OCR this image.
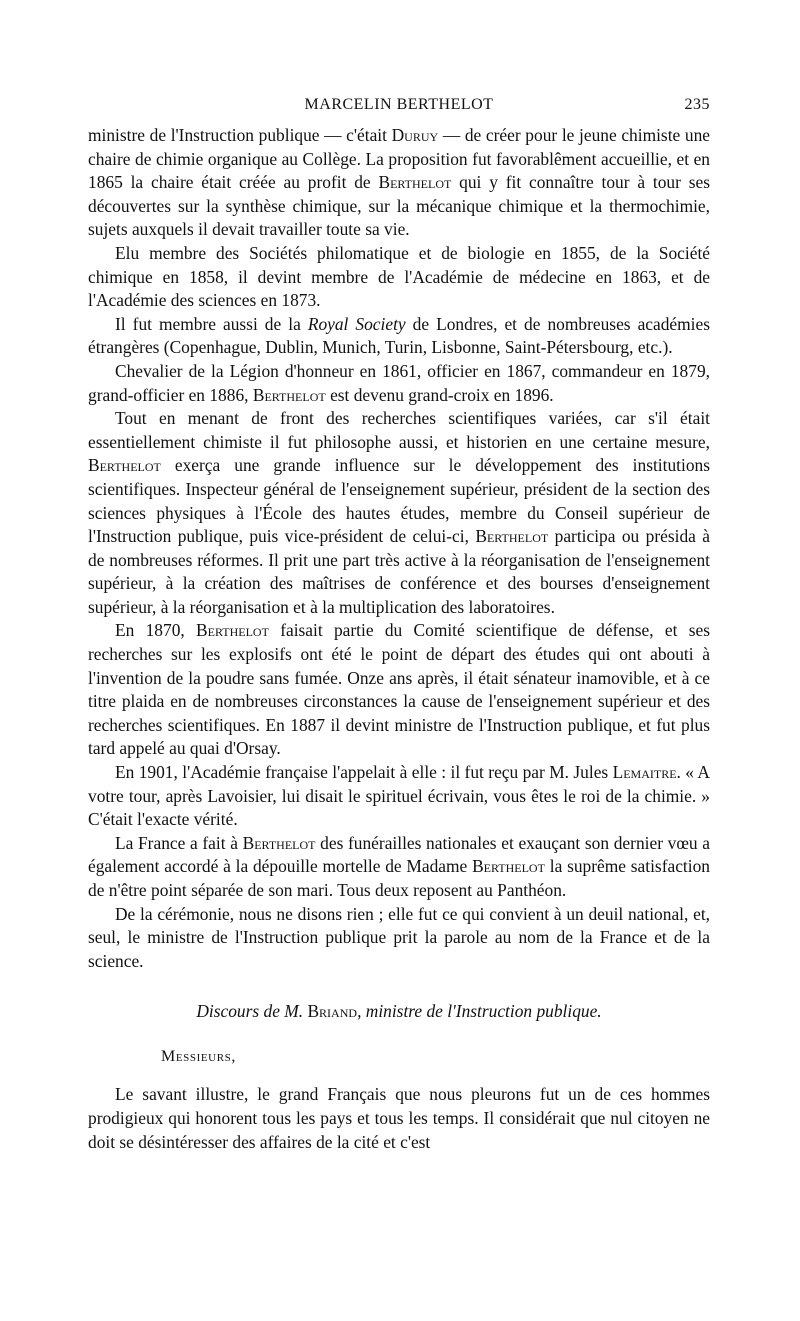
MARCELIN BERTHELOT	235

ministre de l'Instruction publique — c'était Duruy — de créer pour le jeune chimiste une chaire de chimie organique au Collège. La proposition fut favorablêment accueillie, et en 1865 la chaire était créée au profit de Berthelot qui y fit connaître tour à tour ses découvertes sur la synthèse chimique, sur la mécanique chimique et la thermochimie, sujets auxquels il devait travailler toute sa vie.

Elu membre des Sociétés philomatique et de biologie en 1855, de la Société chimique en 1858, il devint membre de l'Académie de médecine en 1863, et de l'Académie des sciences en 1873.

Il fut membre aussi de la Royal Society de Londres, et de nombreuses académies étrangères (Copenhague, Dublin, Munich, Turin, Lisbonne, Saint-Pétersbourg, etc.).

Chevalier de la Légion d'honneur en 1861, officier en 1867, commandeur en 1879, grand-officier en 1886, Berthelot est devenu grand-croix en 1896.

Tout en menant de front des recherches scientifiques variées, car s'il était essentiellement chimiste il fut philosophe aussi, et historien en une certaine mesure, Berthelot exerça une grande influence sur le développement des institutions scientifiques. Inspecteur général de l'enseignement supérieur, président de la section des sciences physiques à l'École des hautes études, membre du Conseil supérieur de l'Instruction publique, puis vice-président de celui-ci, Berthelot participa ou présida à de nombreuses réformes. Il prit une part très active à la réorganisation de l'enseignement supérieur, à la création des maîtrises de conférence et des bourses d'enseignement supérieur, à la réorganisation et à la multiplication des laboratoires.

En 1870, Berthelot faisait partie du Comité scientifique de défense, et ses recherches sur les explosifs ont été le point de départ des études qui ont abouti à l'invention de la poudre sans fumée. Onze ans après, il était sénateur inamovible, et à ce titre plaida en de nombreuses circonstances la cause de l'enseignement supérieur et des recherches scientifiques. En 1887 il devint ministre de l'Instruction publique, et fut plus tard appelé au quai d'Orsay.

En 1901, l'Académie française l'appelait à elle : il fut reçu par M. Jules Lemaitre. « A votre tour, après Lavoisier, lui disait le spirituel écrivain, vous êtes le roi de la chimie. » C'était l'exacte vérité.

La France a fait à Berthelot des funérailles nationales et exauçant son dernier vœu a également accordé à la dépouille mortelle de Madame Berthelot la suprême satisfaction de n'être point séparée de son mari. Tous deux reposent au Panthéon.

De la cérémonie, nous ne disons rien ; elle fut ce qui convient à un deuil national, et, seul, le ministre de l'Instruction publique prit la parole au nom de la France et de la science.

Discours de M. Briand, ministre de l'Instruction publique.

Messieurs,

Le savant illustre, le grand Français que nous pleurons fut un de ces hommes prodigieux qui honorent tous les pays et tous les temps. Il considérait que nul citoyen ne doit se désintéresser des affaires de la cité et c'est
